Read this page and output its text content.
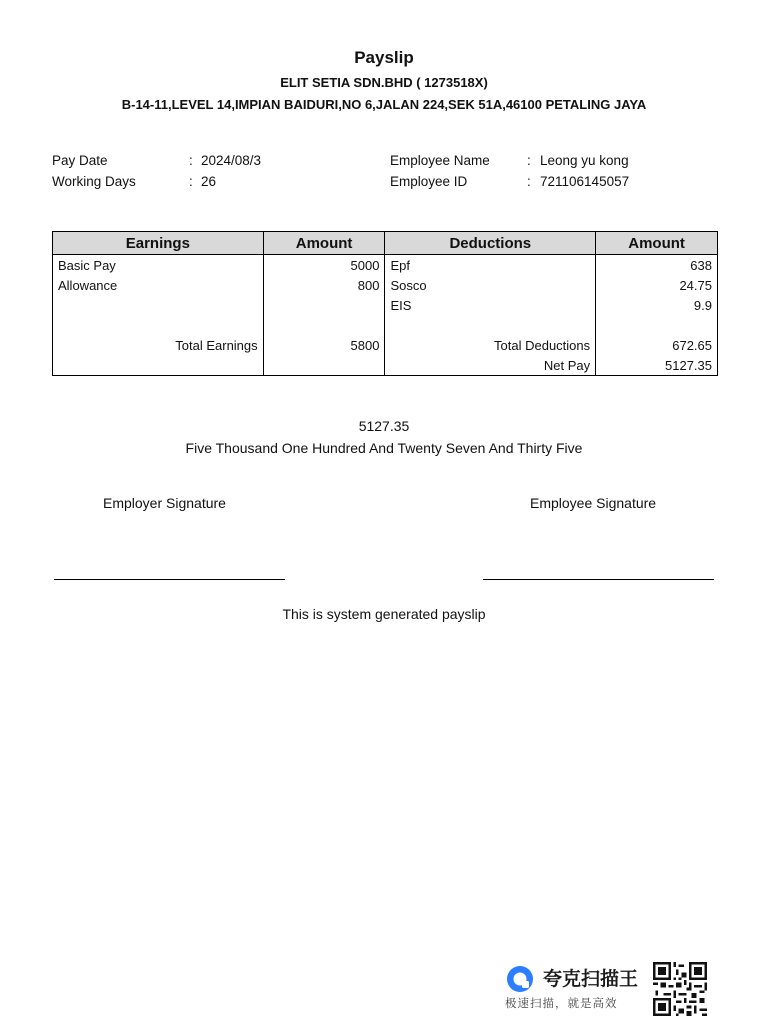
Payslip
ELIT SETIA SDN.BHD ( 1273518X)
B-14-11,LEVEL 14,IMPIAN BAIDURI,NO 6,JALAN 224,SEK 51A,46100 PETALING JAYA
Pay Date	: 2024/08/3
Working Days	: 26
Employee Name	: Leong yu kong
Employee ID	: 721106145057
Earnings	Amount	Deductions	Amount
Basic Pay	5000	Epf	638
Allowance	800	Sosco	24.75
		EIS	9.9

Total Earnings	5800	Total Deductions	672.65
		Net Pay	5127.35
5127.35
Five Thousand One Hundred And Twenty Seven And Thirty Five
Employer Signature	Employee Signature
This is system generated payslip
夸克扫描王
极速扫描，就是高效
